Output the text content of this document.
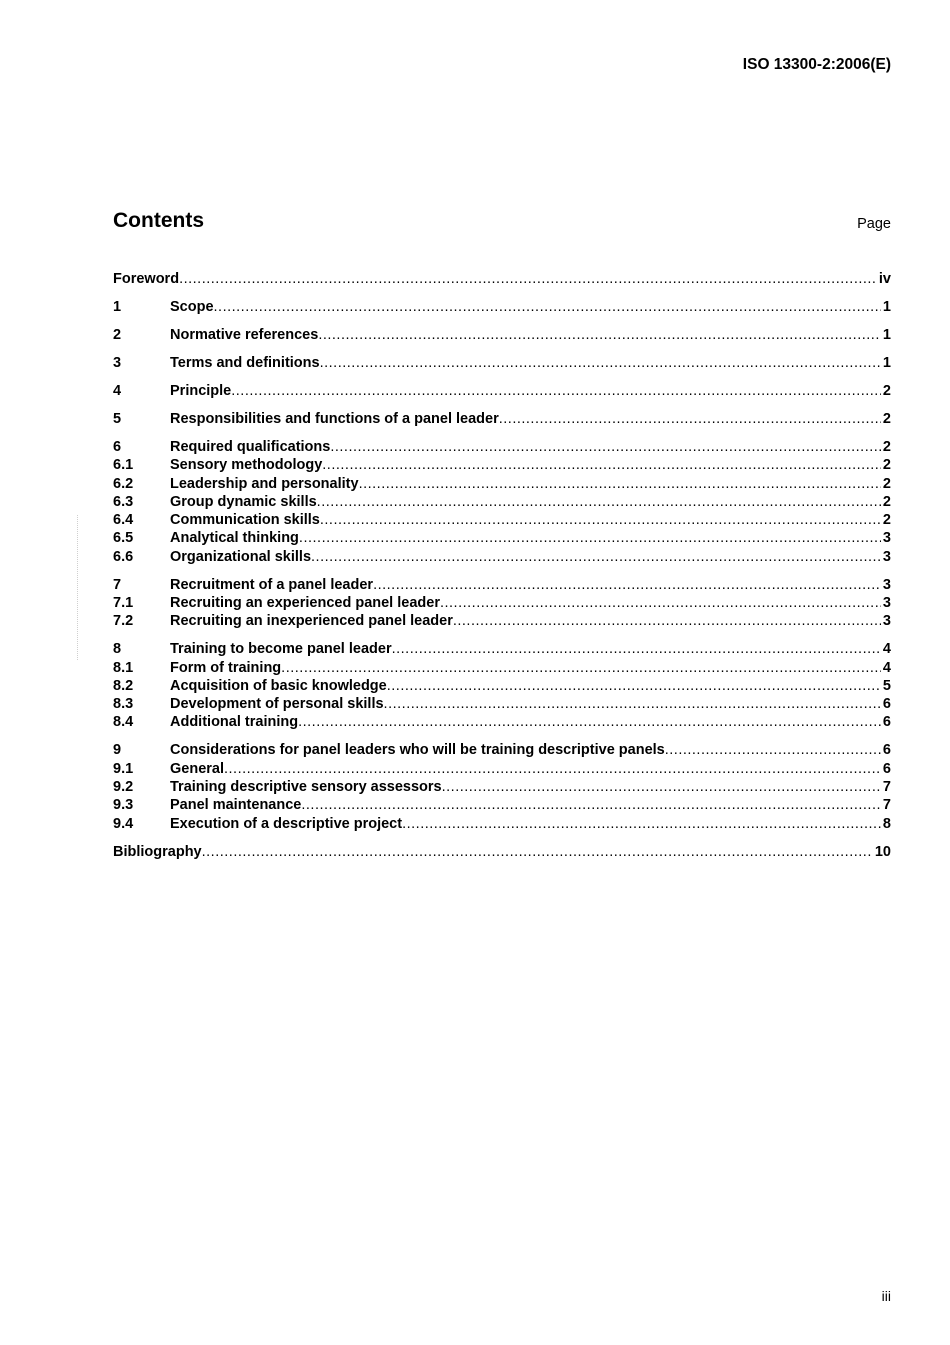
ISO 13300-2:2006(E)
Contents	Page
Foreword .....	iv
1	Scope .....	1
2	Normative references .....	1
3	Terms and definitions .....	1
4	Principle .....	2
5	Responsibilities and functions of a panel leader .....	2
6	Required qualifications .....	2
6.1	Sensory methodology .....	2
6.2	Leadership and personality .....	2
6.3	Group dynamic skills .....	2
6.4	Communication skills .....	2
6.5	Analytical thinking .....	3
6.6	Organizational skills .....	3
7	Recruitment of a panel leader .....	3
7.1	Recruiting an experienced panel leader .....	3
7.2	Recruiting an inexperienced panel leader .....	3
8	Training to become panel leader .....	4
8.1	Form of training .....	4
8.2	Acquisition of basic knowledge .....	5
8.3	Development of personal skills .....	6
8.4	Additional training .....	6
9	Considerations for panel leaders who will be training descriptive panels .....	6
9.1	General .....	6
9.2	Training descriptive sensory assessors .....	7
9.3	Panel maintenance .....	7
9.4	Execution of a descriptive project .....	8
Bibliography .....	10
iii
